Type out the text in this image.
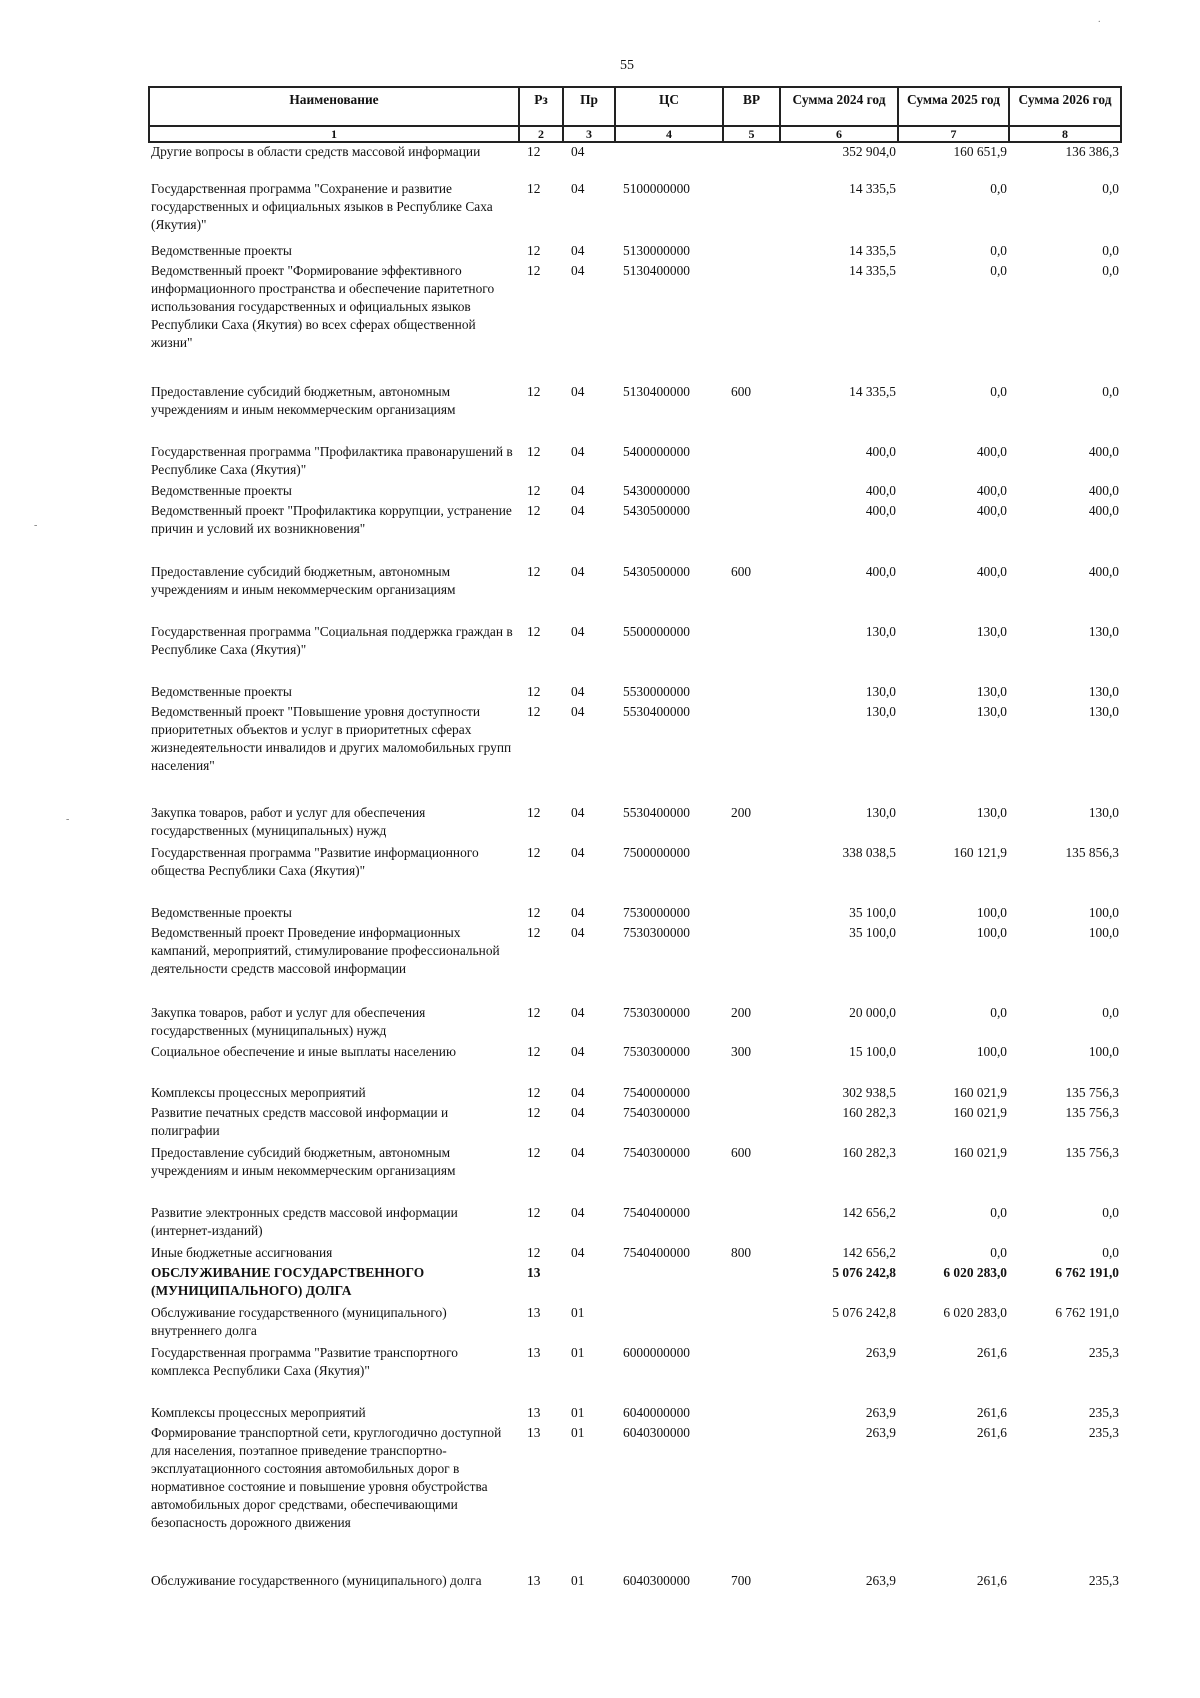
55
.
-
-
Наименование	Рз	Пр	ЦС	ВР	Сумма 2024 год	Сумма 2025 год	Сумма 2026 год
1	2	3	4	5	6	7	8
Другие вопросы в области средств массовой информации	12	04			352 904,0	160 651,9	136 386,3
Государственная программа "Сохранение и развитие государственных и официальных языков в Республике Саха (Якутия)"	12	04	5100000000		14 335,5	0,0	0,0
Ведомственные проекты	12	04	5130000000		14 335,5	0,0	0,0
Ведомственный проект "Формирование эффективного информационного пространства и обеспечение паритетного использования государственных и официальных языков Республики Саха (Якутия) во всех сферах общественной жизни"	12	04	5130400000		14 335,5	0,0	0,0
Предоставление субсидий бюджетным, автономным учреждениям и иным некоммерческим организациям	12	04	5130400000	600	14 335,5	0,0	0,0
Государственная программа "Профилактика правонарушений в Республике Саха (Якутия)"	12	04	5400000000		400,0	400,0	400,0
Ведомственные проекты	12	04	5430000000		400,0	400,0	400,0
Ведомственный проект "Профилактика коррупции, устранение причин и условий их возникновения"	12	04	5430500000		400,0	400,0	400,0
Предоставление субсидий бюджетным, автономным учреждениям и иным некоммерческим организациям	12	04	5430500000	600	400,0	400,0	400,0
Государственная программа "Социальная поддержка граждан в Республике Саха (Якутия)"	12	04	5500000000		130,0	130,0	130,0
Ведомственные проекты	12	04	5530000000		130,0	130,0	130,0
Ведомственный проект "Повышение уровня доступности приоритетных объектов и услуг в приоритетных сферах жизнедеятельности инвалидов и других маломобильных групп населения"	12	04	5530400000		130,0	130,0	130,0
Закупка товаров, работ и услуг для обеспечения государственных (муниципальных) нужд	12	04	5530400000	200	130,0	130,0	130,0
Государственная программа "Развитие информационного общества Республики Саха (Якутия)"	12	04	7500000000		338 038,5	160 121,9	135 856,3
Ведомственные проекты	12	04	7530000000		35 100,0	100,0	100,0
Ведомственный проект Проведение информационных кампаний, мероприятий, стимулирование профессиональной деятельности средств массовой информации	12	04	7530300000		35 100,0	100,0	100,0
Закупка товаров, работ и услуг для обеспечения государственных (муниципальных) нужд	12	04	7530300000	200	20 000,0	0,0	0,0
Социальное обеспечение и иные выплаты населению	12	04	7530300000	300	15 100,0	100,0	100,0
Комплексы процессных мероприятий	12	04	7540000000		302 938,5	160 021,9	135 756,3
Развитие печатных средств массовой информации и полиграфии	12	04	7540300000		160 282,3	160 021,9	135 756,3
Предоставление субсидий бюджетным, автономным учреждениям и иным некоммерческим организациям	12	04	7540300000	600	160 282,3	160 021,9	135 756,3
Развитие электронных средств массовой информации (интернет-изданий)	12	04	7540400000		142 656,2	0,0	0,0
Иные бюджетные ассигнования	12	04	7540400000	800	142 656,2	0,0	0,0
ОБСЛУЖИВАНИЕ ГОСУДАРСТВЕННОГО (МУНИЦИПАЛЬНОГО) ДОЛГА	13				5 076 242,8	6 020 283,0	6 762 191,0
Обслуживание государственного (муниципального) внутреннего долга	13	01			5 076 242,8	6 020 283,0	6 762 191,0
Государственная программа "Развитие транспортного комплекса Республики Саха (Якутия)"	13	01	6000000000		263,9	261,6	235,3
Комплексы процессных мероприятий	13	01	6040000000		263,9	261,6	235,3
Формирование транспортной сети, круглогодично доступной для населения, поэтапное приведение транспортно-эксплуатационного состояния автомобильных дорог в нормативное состояние и повышение уровня обустройства автомобильных дорог средствами, обеспечивающими безопасность дорожного движения	13	01	6040300000		263,9	261,6	235,3
Обслуживание государственного (муниципального) долга	13	01	6040300000	700	263,9	261,6	235,3
